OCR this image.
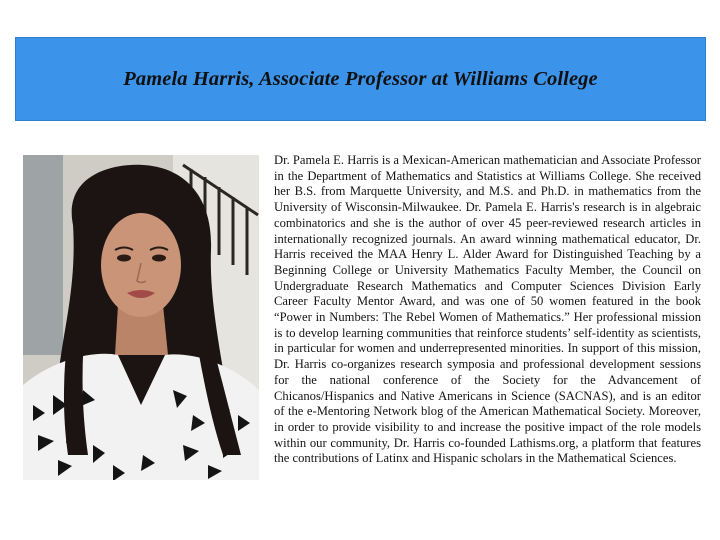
Pamela Harris, Associate Professor at Williams College

Dr. Pamela E. Harris is a Mexican-American mathematician and Associate Professor in the Department of Mathematics and Statistics at Williams College. She received her B.S. from Marquette University, and M.S. and Ph.D. in mathematics from the University of Wisconsin-Milwaukee. Dr. Pamela E. Harris's research is in algebraic combinatorics and she is the author of over 45 peer-reviewed research articles in internationally recognized journals. An award winning mathematical educator, Dr. Harris received the MAA Henry L. Alder Award for Distinguished Teaching by a Beginning College or University Mathematics Faculty Member, the Council on Undergraduate Research Mathematics and Computer Sciences Division Early Career Faculty Mentor Award, and was one of 50 women featured in the book “Power in Numbers: The Rebel Women of Mathematics.” Her professional mission is to develop learning communities that reinforce students’ self-identity as scientists, in particular for women and underrepresented minorities. In support of this mission, Dr. Harris co-organizes research symposia and professional development sessions for the national conference of the Society for the Advancement of Chicanos/Hispanics and Native Americans in Science (SACNAS), and is an editor of the e-Mentoring Network blog of the American Mathematical Society. Moreover, in order to provide visibility to and increase the positive impact of the role models within our community, Dr. Harris co-founded Lathisms.org, a platform that features the contributions of Latinx and Hispanic scholars in the Mathematical Sciences.
